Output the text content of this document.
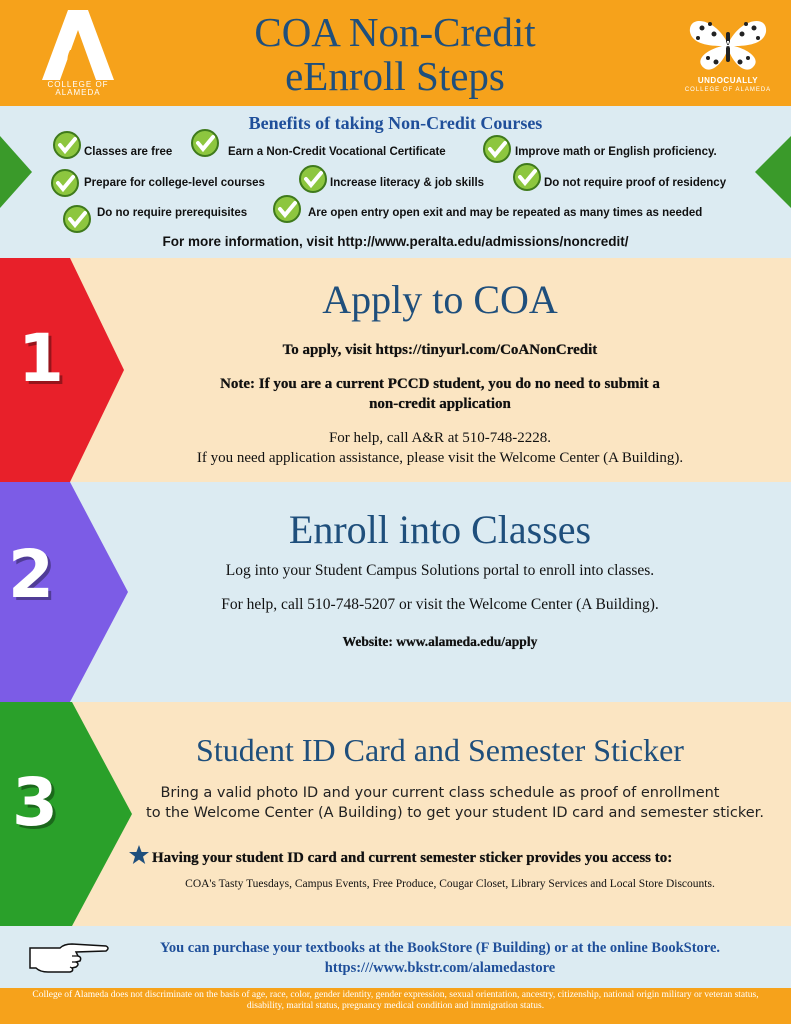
COLLEGE OF ALAMEDA
COA Non-Credit
eEnroll Steps
A
UNDOCUALLY
COLLEGE OF ALAMEDA
Benefits of taking Non-Credit Courses
Classes are free	Earn a Non-Credit Vocational Certificate	Improve math or English proficiency.
Prepare for college-level courses	Increase literacy & job skills	Do not require proof of residency
Do no require prerequisites	Are open entry open exit and may be repeated as many times as needed
For more information, visit http://www.peralta.edu/admissions/noncredit/
1
Apply to COA
To apply, visit https://tinyurl.com/CoANonCredit
Note: If you are a current PCCD student, you do no need to submit a
non-credit application
For help, call A&R at 510-748-2228.
If you need application assistance, please visit the Welcome Center (A Building).
2
Enroll into Classes
Log into your Student Campus Solutions portal to enroll into classes.
For help, call 510-748-5207 or visit the Welcome Center (A Building).
Website: www.alameda.edu/apply
3
Student ID Card and Semester Sticker
Bring a valid photo ID and your current class schedule as proof of enrollment
to the Welcome Center (A Building) to get your student ID card and semester sticker.
Having your student ID card and current semester sticker provides you access to:
COA's Tasty Tuesdays, Campus Events, Free Produce, Cougar Closet, Library Services and Local Store Discounts.
You can purchase your textbooks at the BookStore (F Building) or at the online BookStore.
https:///www.bkstr.com/alamedastore
College of Alameda does not discriminate on the basis of age, race, color, gender identity, gender expression, sexual orientation, ancestry, citizenship, national origin military or veteran status, disability, marital status, pregnancy medical condition and immigration status.
